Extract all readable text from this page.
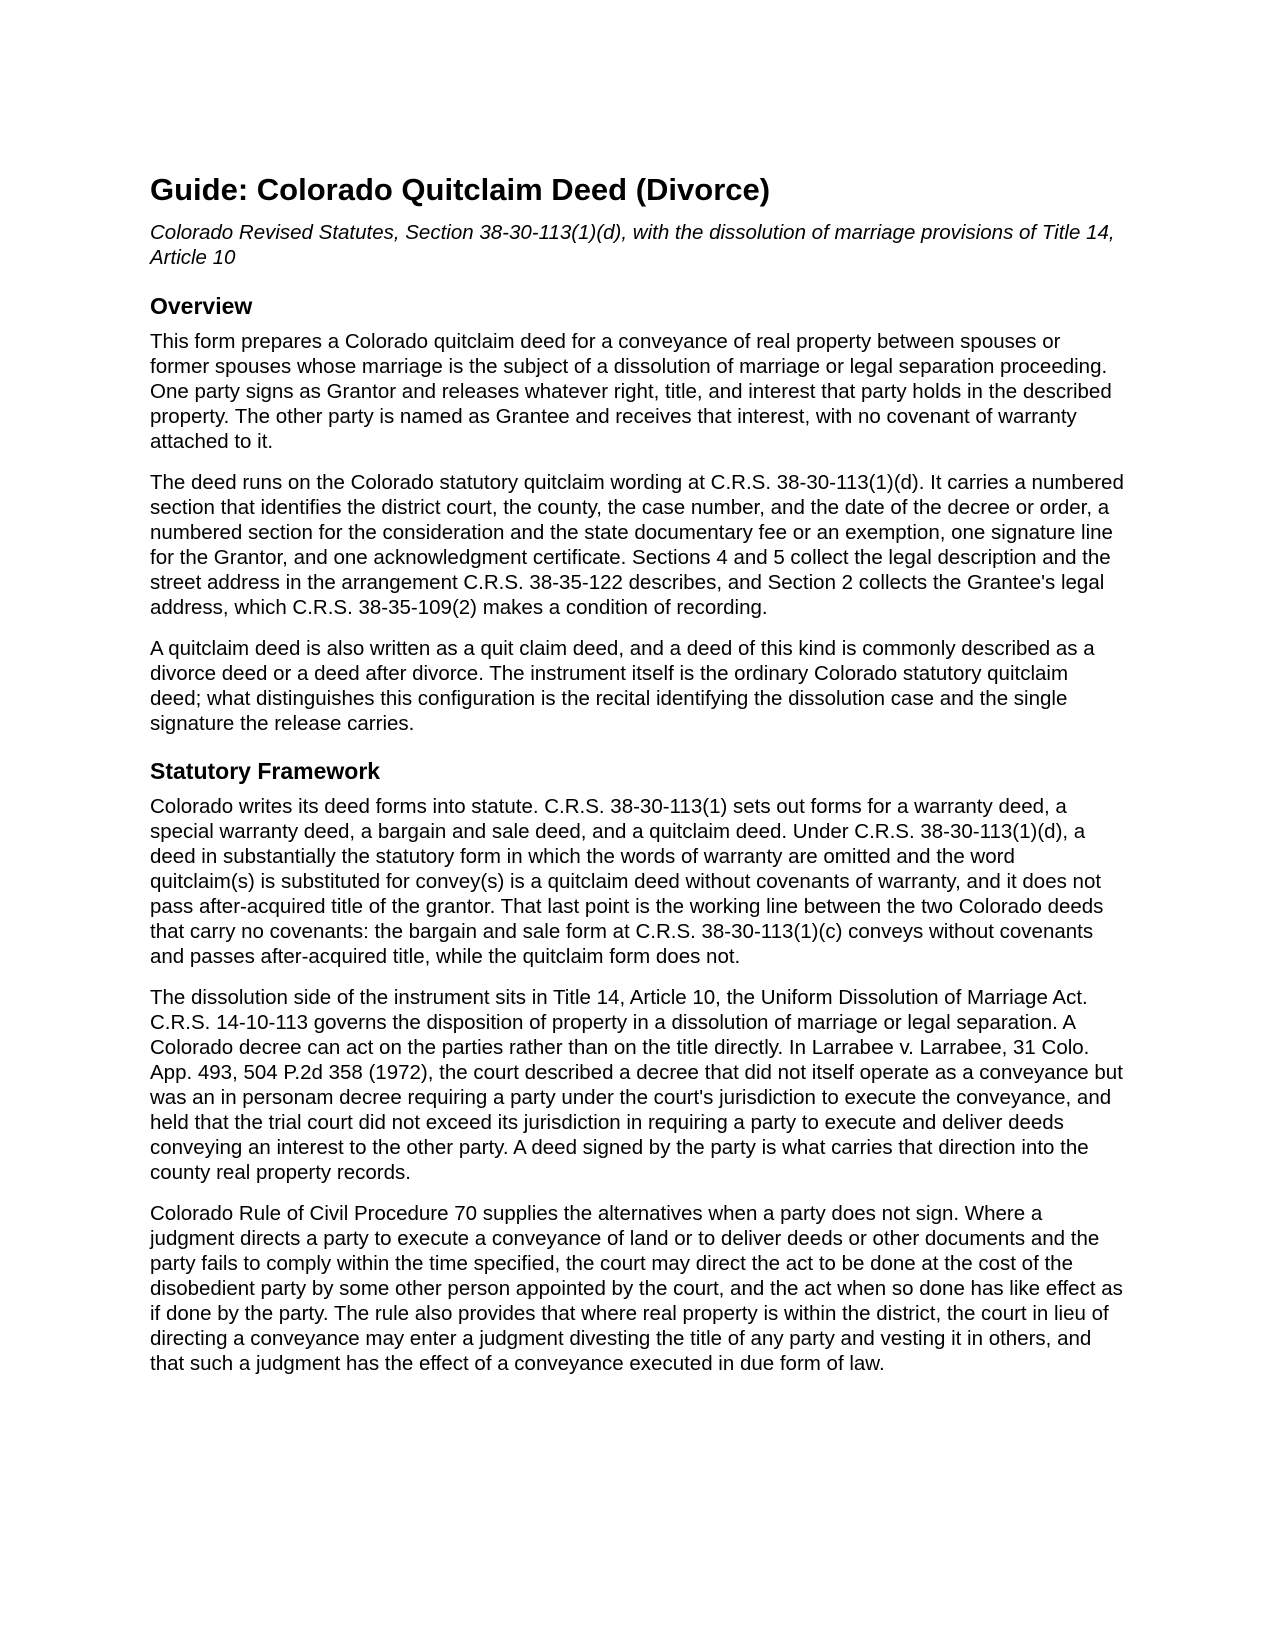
Guide: Colorado Quitclaim Deed (Divorce)
Colorado Revised Statutes, Section 38-30-113(1)(d), with the dissolution of marriage provisions of Title 14, Article 10
Overview

This form prepares a Colorado quitclaim deed for a conveyance of real property between spouses or former spouses whose marriage is the subject of a dissolution of marriage or legal separation proceeding. One party signs as Grantor and releases whatever right, title, and interest that party holds in the described property. The other party is named as Grantee and receives that interest, with no covenant of warranty attached to it.

The deed runs on the Colorado statutory quitclaim wording at C.R.S. 38-30-113(1)(d). It carries a numbered section that identifies the district court, the county, the case number, and the date of the decree or order, a numbered section for the consideration and the state documentary fee or an exemption, one signature line for the Grantor, and one acknowledgment certificate. Sections 4 and 5 collect the legal description and the street address in the arrangement C.R.S. 38-35-122 describes, and Section 2 collects the Grantee's legal address, which C.R.S. 38-35-109(2) makes a condition of recording.

A quitclaim deed is also written as a quit claim deed, and a deed of this kind is commonly described as a divorce deed or a deed after divorce. The instrument itself is the ordinary Colorado statutory quitclaim deed; what distinguishes this configuration is the recital identifying the dissolution case and the single signature the release carries.

Statutory Framework

Colorado writes its deed forms into statute. C.R.S. 38-30-113(1) sets out forms for a warranty deed, a special warranty deed, a bargain and sale deed, and a quitclaim deed. Under C.R.S. 38-30-113(1)(d), a deed in substantially the statutory form in which the words of warranty are omitted and the word quitclaim(s) is substituted for convey(s) is a quitclaim deed without covenants of warranty, and it does not pass after-acquired title of the grantor. That last point is the working line between the two Colorado deeds that carry no covenants: the bargain and sale form at C.R.S. 38-30-113(1)(c) conveys without covenants and passes after-acquired title, while the quitclaim form does not.

The dissolution side of the instrument sits in Title 14, Article 10, the Uniform Dissolution of Marriage Act. C.R.S. 14-10-113 governs the disposition of property in a dissolution of marriage or legal separation. A Colorado decree can act on the parties rather than on the title directly. In Larrabee v. Larrabee, 31 Colo. App. 493, 504 P.2d 358 (1972), the court described a decree that did not itself operate as a conveyance but was an in personam decree requiring a party under the court's jurisdiction to execute the conveyance, and held that the trial court did not exceed its jurisdiction in requiring a party to execute and deliver deeds conveying an interest to the other party. A deed signed by the party is what carries that direction into the county real property records.

Colorado Rule of Civil Procedure 70 supplies the alternatives when a party does not sign. Where a judgment directs a party to execute a conveyance of land or to deliver deeds or other documents and the party fails to comply within the time specified, the court may direct the act to be done at the cost of the disobedient party by some other person appointed by the court, and the act when so done has like effect as if done by the party. The rule also provides that where real property is within the district, the court in lieu of directing a conveyance may enter a judgment divesting the title of any party and vesting it in others, and that such a judgment has the effect of a conveyance executed in due form of law.
